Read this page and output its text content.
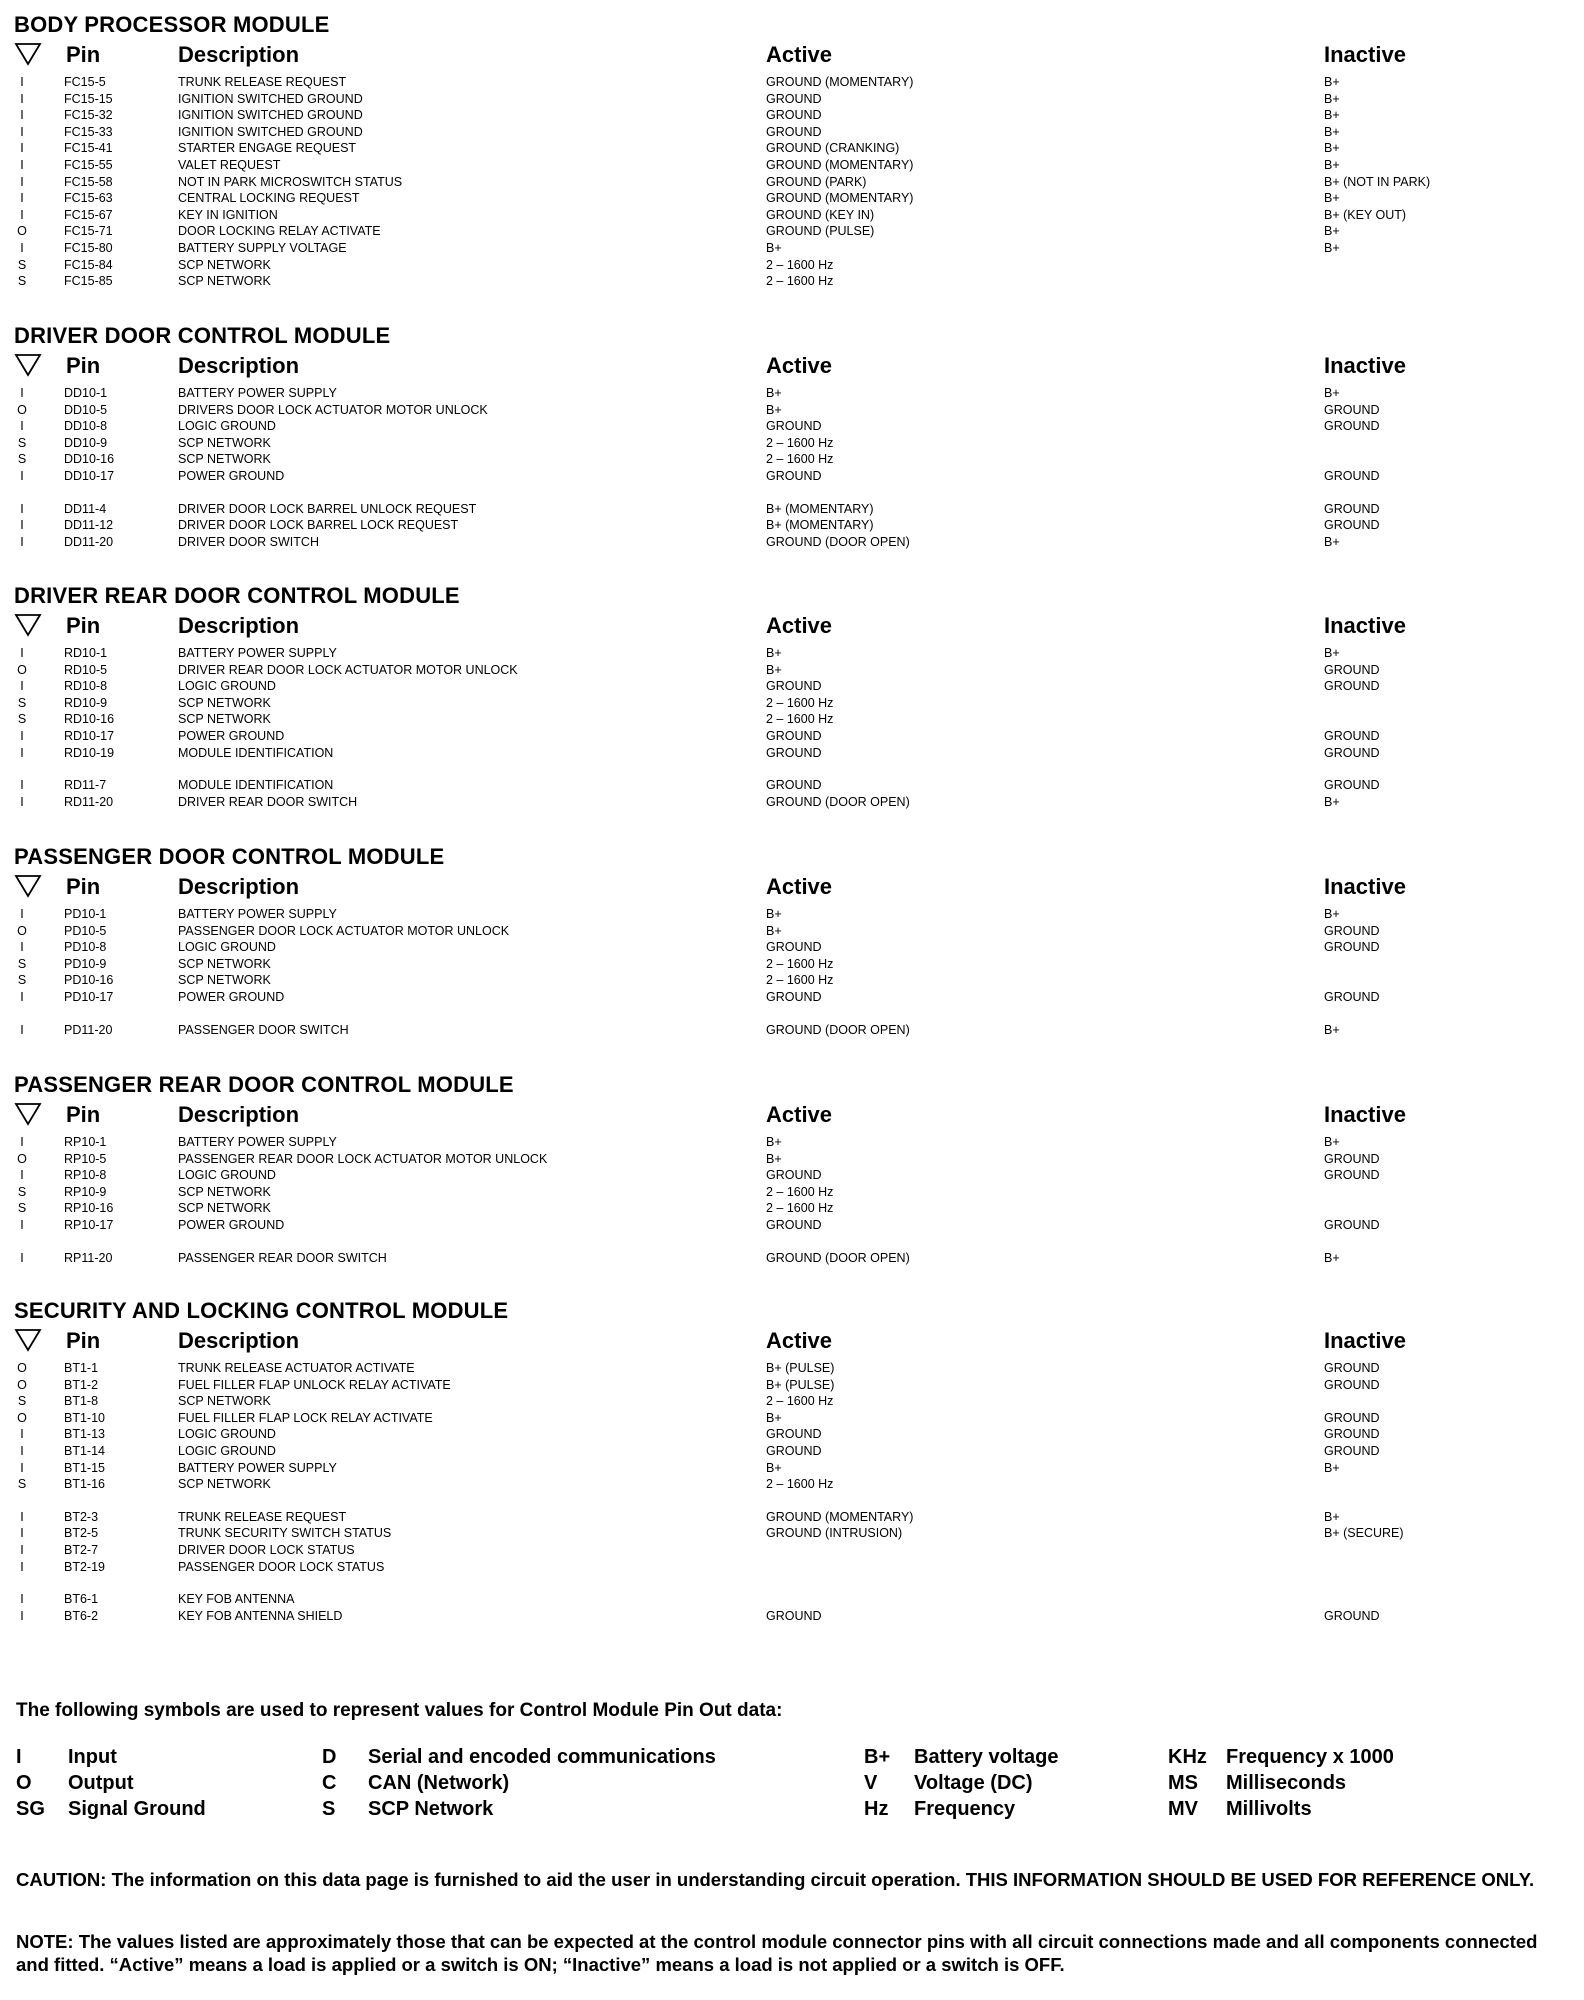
BODY PROCESSOR MODULE
Pin	Description	Active	Inactive
I	FC15-5	TRUNK RELEASE REQUEST	GROUND (MOMENTARY)	B+
I	FC15-15	IGNITION SWITCHED GROUND	GROUND	B+
I	FC15-32	IGNITION SWITCHED GROUND	GROUND	B+
I	FC15-33	IGNITION SWITCHED GROUND	GROUND	B+
I	FC15-41	STARTER ENGAGE REQUEST	GROUND (CRANKING)	B+
I	FC15-55	VALET REQUEST	GROUND (MOMENTARY)	B+
I	FC15-58	NOT IN PARK MICROSWITCH STATUS	GROUND (PARK)	B+ (NOT IN PARK)
I	FC15-63	CENTRAL LOCKING REQUEST	GROUND (MOMENTARY)	B+
I	FC15-67	KEY IN IGNITION	GROUND (KEY IN)	B+ (KEY OUT)
O	FC15-71	DOOR LOCKING RELAY ACTIVATE	GROUND (PULSE)	B+
I	FC15-80	BATTERY SUPPLY VOLTAGE	B+	B+
S	FC15-84	SCP NETWORK	2 – 1600 Hz
S	FC15-85	SCP NETWORK	2 – 1600 Hz
DRIVER DOOR CONTROL MODULE
Pin	Description	Active	Inactive
I	DD10-1	BATTERY POWER SUPPLY	B+	B+
O	DD10-5	DRIVERS DOOR LOCK ACTUATOR MOTOR UNLOCK	B+	GROUND
I	DD10-8	LOGIC GROUND	GROUND	GROUND
S	DD10-9	SCP NETWORK	2 – 1600 Hz
S	DD10-16	SCP NETWORK	2 – 1600 Hz
I	DD10-17	POWER GROUND	GROUND	GROUND
I	DD11-4	DRIVER DOOR LOCK BARREL UNLOCK REQUEST	B+ (MOMENTARY)	GROUND
I	DD11-12	DRIVER DOOR LOCK BARREL LOCK REQUEST	B+ (MOMENTARY)	GROUND
I	DD11-20	DRIVER DOOR SWITCH	GROUND (DOOR OPEN)	B+
DRIVER REAR DOOR CONTROL MODULE
Pin	Description	Active	Inactive
I	RD10-1	BATTERY POWER SUPPLY	B+	B+
O	RD10-5	DRIVER REAR DOOR LOCK ACTUATOR MOTOR UNLOCK	B+	GROUND
I	RD10-8	LOGIC GROUND	GROUND	GROUND
S	RD10-9	SCP NETWORK	2 – 1600 Hz
S	RD10-16	SCP NETWORK	2 – 1600 Hz
I	RD10-17	POWER GROUND	GROUND	GROUND
I	RD10-19	MODULE IDENTIFICATION	GROUND	GROUND
I	RD11-7	MODULE IDENTIFICATION	GROUND	GROUND
I	RD11-20	DRIVER REAR DOOR SWITCH	GROUND (DOOR OPEN)	B+
PASSENGER DOOR CONTROL MODULE
Pin	Description	Active	Inactive
I	PD10-1	BATTERY POWER SUPPLY	B+	B+
O	PD10-5	PASSENGER DOOR LOCK ACTUATOR MOTOR UNLOCK	B+	GROUND
I	PD10-8	LOGIC GROUND	GROUND	GROUND
S	PD10-9	SCP NETWORK	2 – 1600 Hz
S	PD10-16	SCP NETWORK	2 – 1600 Hz
I	PD10-17	POWER GROUND	GROUND	GROUND
I	PD11-20	PASSENGER DOOR SWITCH	GROUND (DOOR OPEN)	B+
PASSENGER REAR DOOR CONTROL MODULE
Pin	Description	Active	Inactive
I	RP10-1	BATTERY POWER SUPPLY	B+	B+
O	RP10-5	PASSENGER REAR DOOR LOCK ACTUATOR MOTOR UNLOCK	B+	GROUND
I	RP10-8	LOGIC GROUND	GROUND	GROUND
S	RP10-9	SCP NETWORK	2 – 1600 Hz
S	RP10-16	SCP NETWORK	2 – 1600 Hz
I	RP10-17	POWER GROUND	GROUND	GROUND
I	RP11-20	PASSENGER REAR DOOR SWITCH	GROUND (DOOR OPEN)	B+
SECURITY AND LOCKING CONTROL MODULE
Pin	Description	Active	Inactive
O	BT1-1	TRUNK RELEASE ACTUATOR ACTIVATE	B+ (PULSE)	GROUND
O	BT1-2	FUEL FILLER FLAP UNLOCK RELAY ACTIVATE	B+ (PULSE)	GROUND
S	BT1-8	SCP NETWORK	2 – 1600 Hz
O	BT1-10	FUEL FILLER FLAP LOCK RELAY ACTIVATE	B+	GROUND
I	BT1-13	LOGIC GROUND	GROUND	GROUND
I	BT1-14	LOGIC GROUND	GROUND	GROUND
I	BT1-15	BATTERY POWER SUPPLY	B+	B+
S	BT1-16	SCP NETWORK	2 – 1600 Hz
I	BT2-3	TRUNK RELEASE REQUEST	GROUND (MOMENTARY)	B+
I	BT2-5	TRUNK SECURITY SWITCH STATUS	GROUND (INTRUSION)	B+ (SECURE)
I	BT2-7	DRIVER DOOR LOCK STATUS
I	BT2-19	PASSENGER DOOR LOCK STATUS
I	BT6-1	KEY FOB ANTENNA
I	BT6-2	KEY FOB ANTENNA SHIELD	GROUND	GROUND
The following symbols are used to represent values for Control Module Pin Out data:
I Input
O Output
SG Signal Ground
D Serial and encoded communications
C CAN (Network)
S SCP Network
B+ Battery voltage
V Voltage (DC)
Hz Frequency
KHz Frequency x 1000
MS Milliseconds
MV Millivolts
CAUTION: The information on this data page is furnished to aid the user in understanding circuit operation. THIS INFORMATION SHOULD BE USED FOR REFERENCE ONLY.
NOTE: The values listed are approximately those that can be expected at the control module connector pins with all circuit connections made and all components connected and fitted. “Active” means a load is applied or a switch is ON; “Inactive” means a load is not applied or a switch is OFF.
